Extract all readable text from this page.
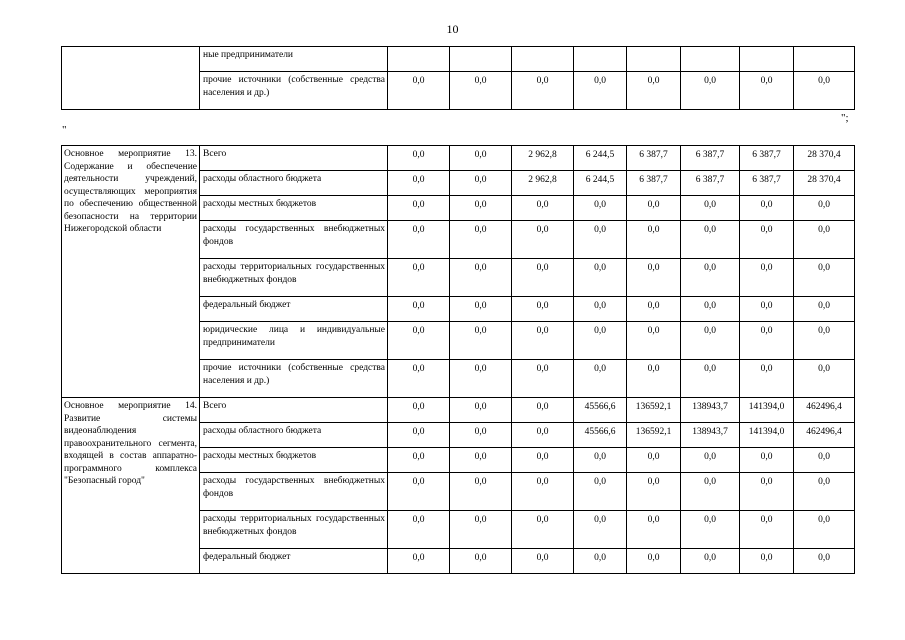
10
	ные предприниматели								
	прочие источники (собственные средства населения и др.)	0,0	0,0	0,0	0,0	0,0	0,0	0,0	0,0
";
"
Основное мероприятие 13. Содержание и обеспечение деятельности учреждений, осуществляющих мероприятия по обеспечению общественной безопасности на территории Нижегородской области	Всего	0,0	0,0	2 962,8	6 244,5	6 387,7	6 387,7	6 387,7	28 370,4
	расходы областного бюджета	0,0	0,0	2 962,8	6 244,5	6 387,7	6 387,7	6 387,7	28 370,4
	расходы местных бюджетов	0,0	0,0	0,0	0,0	0,0	0,0	0,0	0,0
	расходы государственных внебюджетных фондов	0,0	0,0	0,0	0,0	0,0	0,0	0,0	0,0
	расходы территориальных государственных внебюджетных фондов	0,0	0,0	0,0	0,0	0,0	0,0	0,0	0,0
	федеральный бюджет	0,0	0,0	0,0	0,0	0,0	0,0	0,0	0,0
	юридические лица и индивидуальные предприниматели	0,0	0,0	0,0	0,0	0,0	0,0	0,0	0,0
	прочие источники (собственные средства населения и др.)	0,0	0,0	0,0	0,0	0,0	0,0	0,0	0,0
Основное мероприятие 14. Развитие системы видеонаблюдения правоохранительного сегмента, входящей в состав аппаратно-программного комплекса "Безопасный город"	Всего	0,0	0,0	0,0	45566,6	136592,1	138943,7	141394,0	462496,4
	расходы областного бюджета	0,0	0,0	0,0	45566,6	136592,1	138943,7	141394,0	462496,4
	расходы местных бюджетов	0,0	0,0	0,0	0,0	0,0	0,0	0,0	0,0
	расходы государственных внебюджетных фондов	0,0	0,0	0,0	0,0	0,0	0,0	0,0	0,0
	расходы территориальных государственных внебюджетных фондов	0,0	0,0	0,0	0,0	0,0	0,0	0,0	0,0
	федеральный бюджет	0,0	0,0	0,0	0,0	0,0	0,0	0,0	0,0
